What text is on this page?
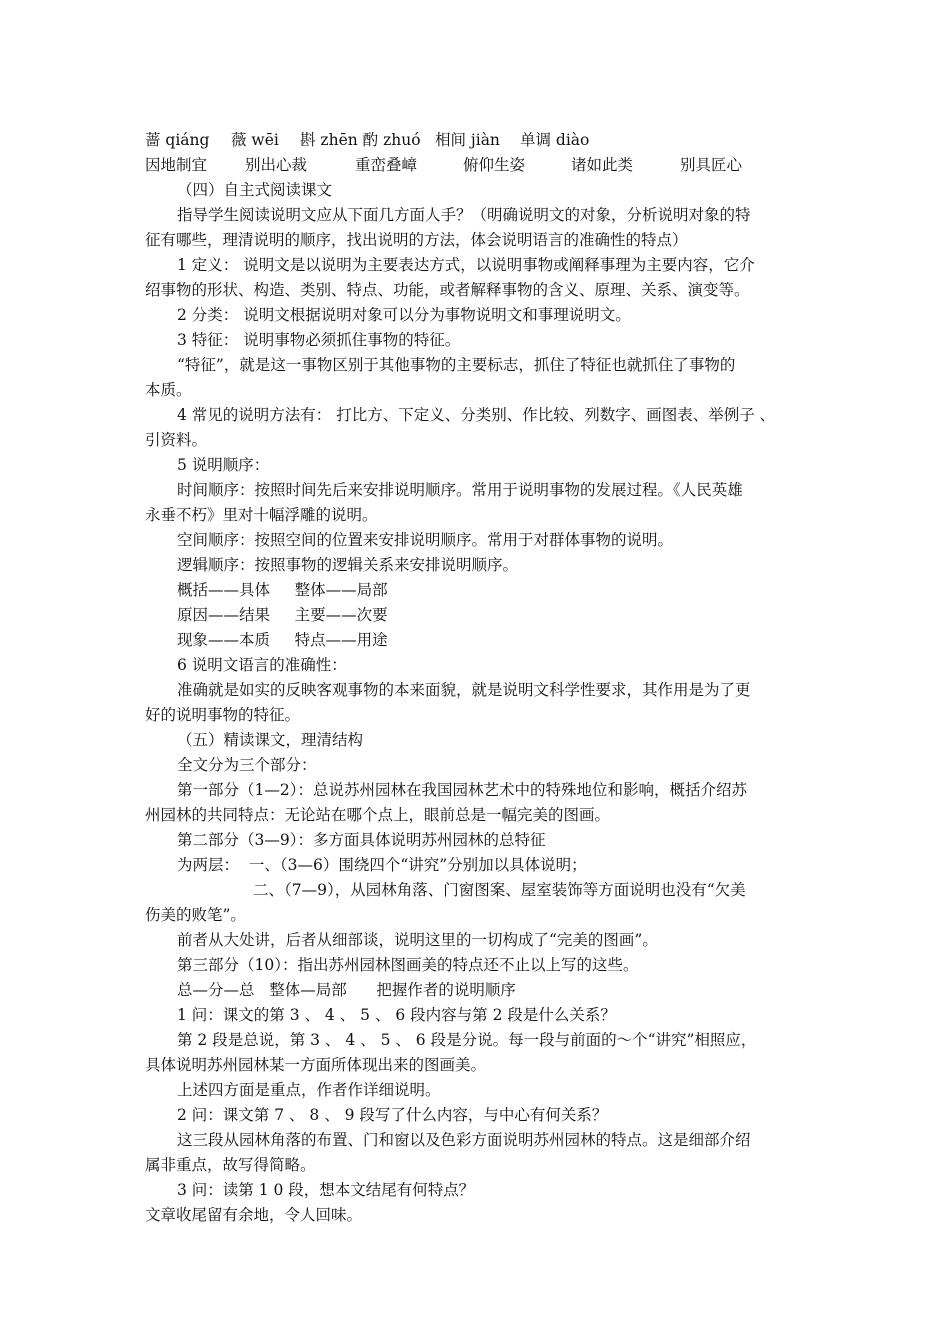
蔷 qiáng 薇 wēi 斟 zhēn 酌 zhuó 相间 jiàn 单调 diào
因地制宜 别出心裁	重峦叠嶂	俯仰生姿	诸如此类	别具匠心
（四）自主式阅读课文
指导学生阅读说明文应从下面几方面人手？（明确说明文的对象，分析说明对象的特
征有哪些，理清说明的顺序，找出说明的方法，体会说明语言的准确性的特点）
1 定义： 说明文是以说明为主要表达方式，以说明事物或阐释事理为主要内容，它介
绍事物的形状、构造、类别、特点、功能，或者解释事物的含义、原理、关系、演变等。
2 分类： 说明文根据说明对象可以分为事物说明文和事理说明文。
3 特征： 说明事物必须抓住事物的特征。
“特征”，就是这一事物区别于其他事物的主要标志，抓住了特征也就抓住了事物的
本质。
4 常见的说明方法有： 打比方、下定义、分类别、作比较、列数字、画图表、举例子 、
引资料。
5 说明顺序：
时间顺序：按照时间先后来安排说明顺序。常用于说明事物的发展过程。《人民英雄
永垂不朽》里对十幅浮雕的说明。
空间顺序：按照空间的位置来安排说明顺序。常用于对群体事物的说明。
逻辑顺序：按照事物的逻辑关系来安排说明顺序。
概括——具体     整体——局部
原因——结果     主要——次要
现象——本质     特点——用途
6 说明文语言的准确性：
准确就是如实的反映客观事物的本来面貌，就是说明文科学性要求，其作用是为了更
好的说明事物的特征。
（五）精读课文，理清结构
全文分为三个部分：
第一部分（1—2）：总说苏州园林在我国园林艺术中的特殊地位和影响，概括介绍苏
州园林的共同特点：无论站在哪个点上，眼前总是一幅完美的图画。
第二部分（3—9）：多方面具体说明苏州园林的总特征
为两层：  一、（3—6）围绕四个“讲究”分别加以具体说明；
二、（7—9），从园林角落、门窗图案、屋室装饰等方面说明也没有“欠美
伤美的败笔”。
前者从大处讲，后者从细部谈，说明这里的一切构成了“完美的图画”。
第三部分（10）：指出苏州园林图画美的特点还不止以上写的这些。
总—分—总   整体—局部      把握作者的说明顺序
1 问：课文的第 3 、 4 、 5 、 6 段内容与第 2 段是什么关系？
第 2 段是总说，第 3 、 4 、 5 、 6 段是分说。每一段与前面的～个“讲究”相照应，
具体说明苏州园林某一方面所体现出来的图画美。
上述四方面是重点，作者作详细说明。
2 问：课文第 7 、 8 、 9 段写了什么内容，与中心有何关系？
这三段从园林角落的布置、门和窗以及色彩方面说明苏州园林的特点。这是细部介绍
属非重点，故写得简略。
3 问：读第 1 0 段，想本文结尾有何特点？
文章收尾留有余地，令人回味。
